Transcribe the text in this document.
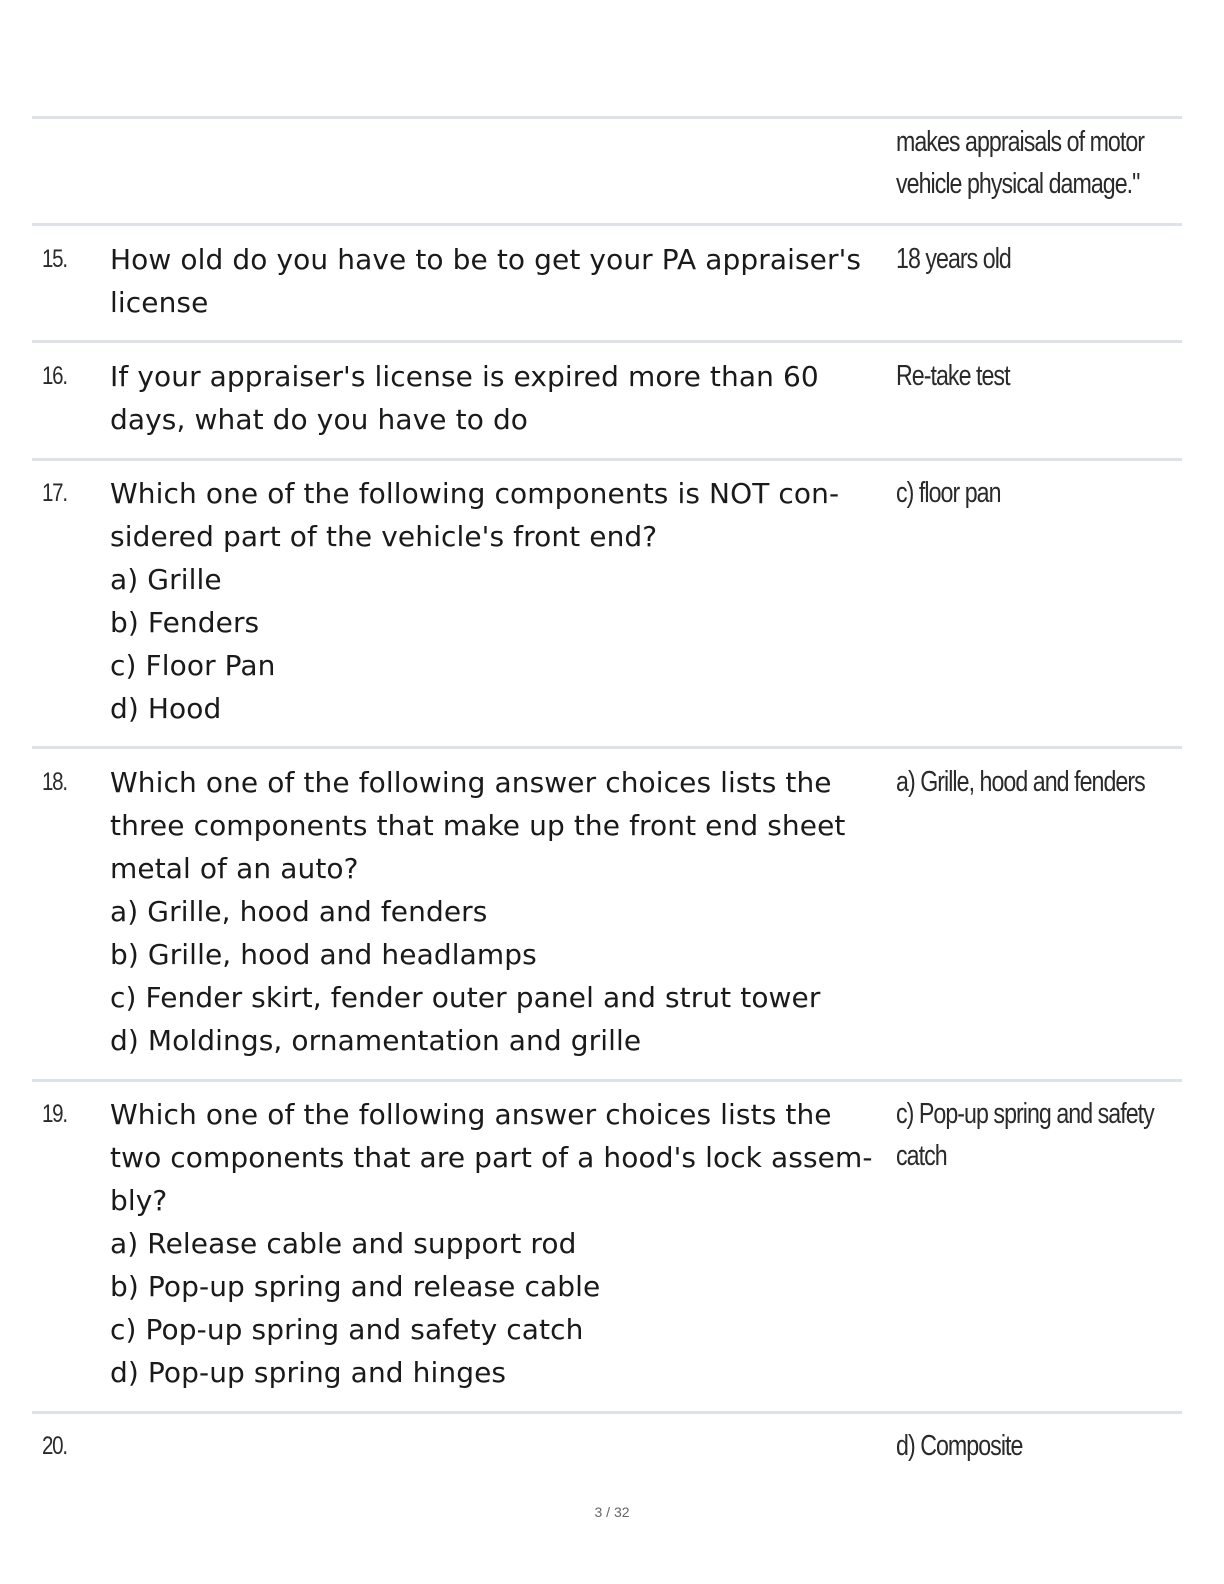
makes appraisals of motor
vehicle physical damage."
15. How old do you have to be to get your PA appraiser's
license
18 years old
16. If your appraiser's license is expired more than 60
days, what do you have to do
Re-take test
17. Which one of the following components is NOT con-
sidered part of the vehicle's front end?
a) Grille
b) Fenders
c) Floor Pan
d) Hood
c) floor pan
18. Which one of the following answer choices lists the
three components that make up the front end sheet
metal of an auto?
a) Grille, hood and fenders
b) Grille, hood and headlamps
c) Fender skirt, fender outer panel and strut tower
d) Moldings, ornamentation and grille
a) Grille, hood and fenders
19. Which one of the following answer choices lists the
two components that are part of a hood's lock assem-
bly?
a) Release cable and support rod
b) Pop-up spring and release cable
c) Pop-up spring and safety catch
d) Pop-up spring and hinges
c) Pop-up spring and safety
catch
20.	d) Composite
3 / 32
